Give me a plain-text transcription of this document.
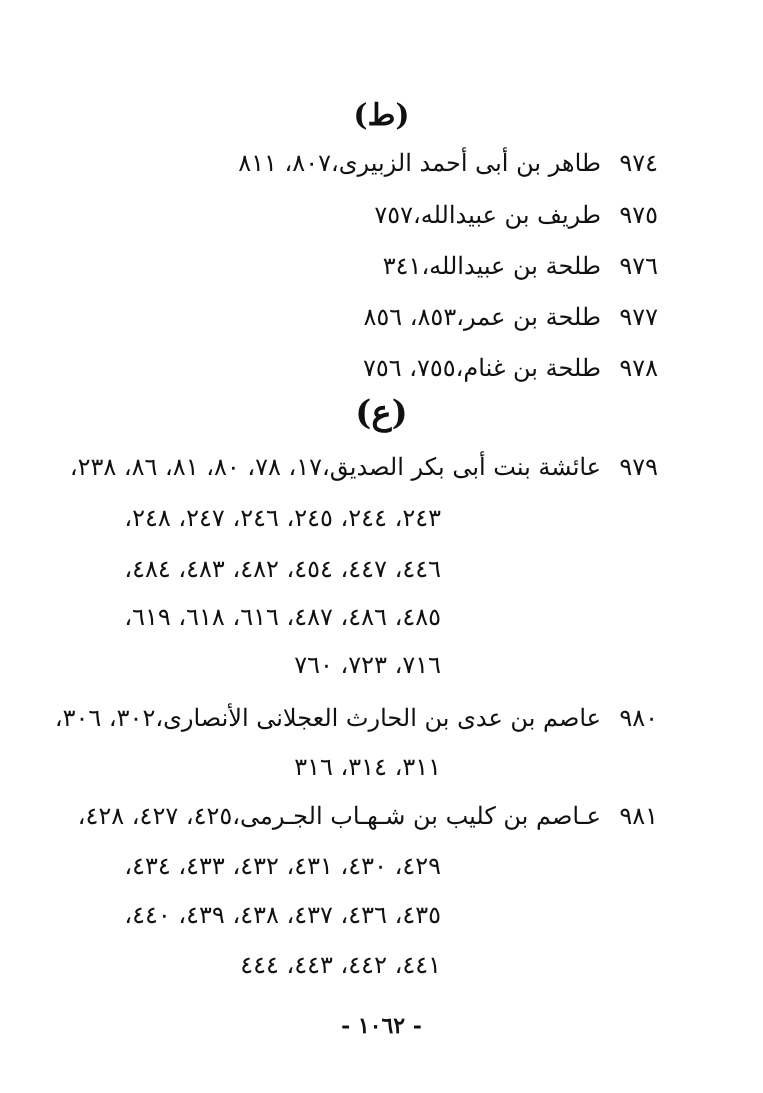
(ط)
٩٧٤
طاهر بن أبى أحمد الزبيرى،٨٠٧، ٨١١
٩٧٥
طريف بن عبيدالله،٧٥٧
٩٧٦
طلحة بن عبيدالله،٣٤١
٩٧٧
طلحة بن عمر،٨٥٣، ٨٥٦
٩٧٨
طلحة بن غنام،٧٥٥، ٧٥٦
(ع)
٩٧٩
عائشة بنت أبى بكر الصديق،١٧، ٧٨، ٨٠، ٨١، ٨٦، ٢٣٨،
٢٤٣، ٢٤٤، ٢٤٥، ٢٤٦، ٢٤٧، ٢٤٨،
٤٤٦، ٤٤٧، ٤٥٤، ٤٨٢، ٤٨٣، ٤٨٤،
٤٨٥، ٤٨٦، ٤٨٧، ٦١٦، ٦١٨، ٦١٩،
٧١٦، ٧٢٣، ٧٦٠
٩٨٠
عاصم بن عدى بن الحارث العجلانى الأنصارى،٣٠٢، ٣٠٦،
٣١١، ٣١٤، ٣١٦
٩٨١
عـاصم بن كليب بن شـهـاب الجـرمى،٤٢٥، ٤٢٧، ٤٢٨،
٤٢٩، ٤٣٠، ٤٣١، ٤٣٢، ٤٣٣، ٤٣٤،
٤٣٥، ٤٣٦، ٤٣٧، ٤٣٨، ٤٣٩، ٤٤٠،
٤٤١، ٤٤٢، ٤٤٣، ٤٤٤
- ١٠٦٢ -
